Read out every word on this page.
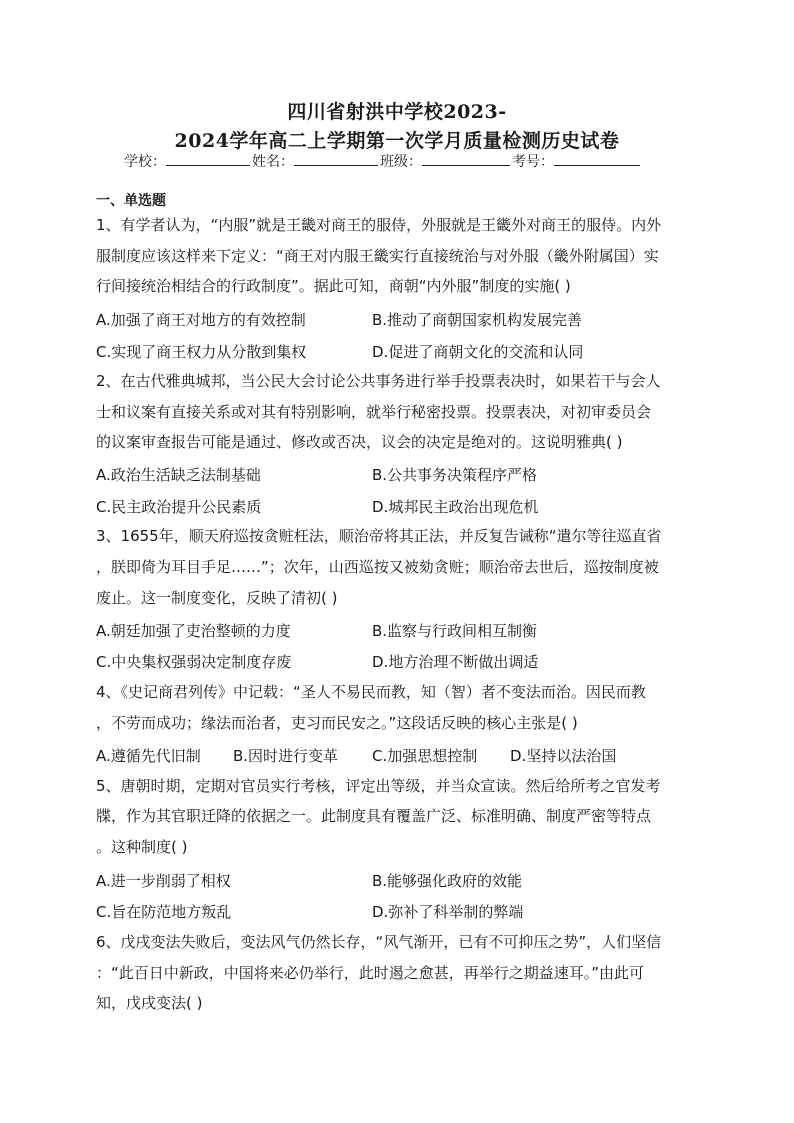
四川省射洪中学校2023-
2024学年高二上学期第一次学月质量检测历史试卷
学校：	姓名：	班级：	考号：
一、单选题
1、有学者认为，“内服”就是王畿对商王的服侍，外服就是王畿外对商王的服侍。内外
服制度应该这样来下定义：“商王对内服王畿实行直接统治与对外服（畿外附属国）实
行间接统治相结合的行政制度”。据此可知，商朝“内外服”制度的实施( )
A.加强了商王对地方的有效控制	B.推动了商朝国家机构发展完善
C.实现了商王权力从分散到集权	D.促进了商朝文化的交流和认同
2、在古代雅典城邦，当公民大会讨论公共事务进行举手投票表决时，如果若干与会人
士和议案有直接关系或对其有特别影响，就举行秘密投票。投票表决，对初审委员会
的议案审查报告可能是通过、修改或否决，议会的决定是绝对的。这说明雅典( )
A.政治生活缺乏法制基础	B.公共事务决策程序严格
C.民主政治提升公民素质	D.城邦民主政治出现危机
3、1655年，顺天府巡按贪赃枉法，顺治帝将其正法，并反复告诫称“遣尔等往巡直省
，朕即倚为耳目手足……”；次年，山西巡按又被劾贪赃；顺治帝去世后，巡按制度被
废止。这一制度变化，反映了清初( )
A.朝廷加强了吏治整顿的力度	B.监察与行政间相互制衡
C.中央集权强弱决定制度存废	D.地方治理不断做出调适
4、《史记商君列传》中记载：“圣人不易民而教，知（智）者不变法而治。因民而教
，不劳而成功；缘法而治者，吏习而民安之。”这段话反映的核心主张是( )
A.遵循先代旧制 B.因时进行变革 C.加强思想控制 D.坚持以法治国
5、唐朝时期，定期对官员实行考核，评定出等级，并当众宣读。然后给所考之官发考
牒，作为其官职迁降的依据之一。此制度具有覆盖广泛、标准明确、制度严密等特点
。这种制度( )
A.进一步削弱了相权	B.能够强化政府的效能
C.旨在防范地方叛乱	D.弥补了科举制的弊端
6、戊戌变法失败后，变法风气仍然长存，“风气渐开，已有不可抑压之势”，人们坚信
：“此百日中新政，中国将来必仍举行，此时遏之愈甚，再举行之期益速耳。”由此可
知，戊戌变法( )
